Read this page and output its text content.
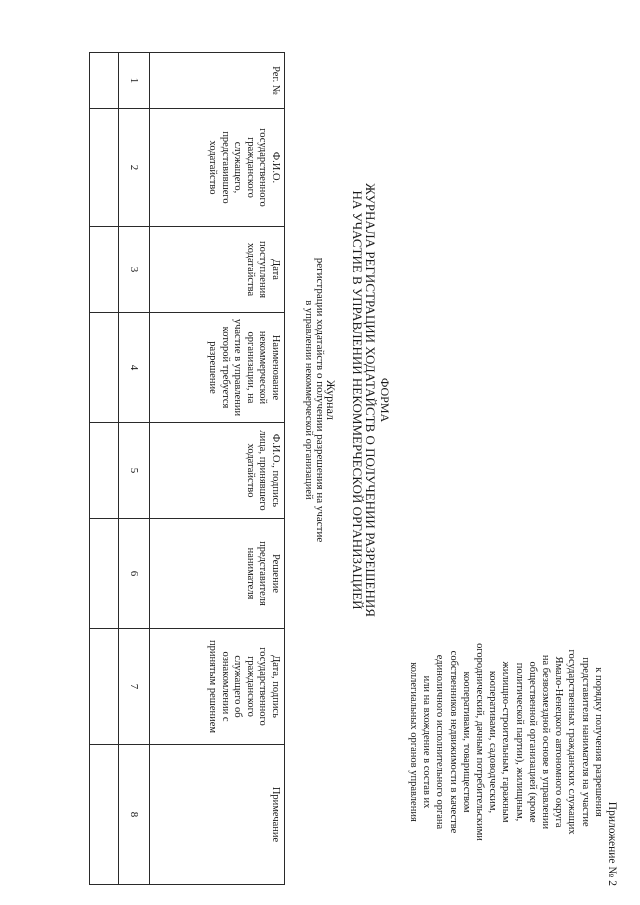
Приложение № 2
к порядку получения разрешения
представителя нанимателя на участие
государственных гражданских служащих
Ямало-Ненецкого автономного округа
на безвозмездной основе в управлении
общественной организацией (кроме
политической партии), жилищным,
жилищно-строительным, гаражным
кооперативами, садоводческим,
огороднический, дачным потребительскими
кооперативами, товариществом
собственников недвижимости в качестве
единоличного исполнительного органа
или на вхождение в состав их
коллегиальных органов управления
ФОРМА
ЖУРНАЛА РЕГИСТРАЦИИ ХОДАТАЙСТВ О ПОЛУЧЕНИИ РАЗРЕШЕНИЯ
НА УЧАСТИЕ В УПРАВЛЕНИИ НЕКОММЕРЧЕСКОЙ ОРГАНИЗАЦИЕЙ
Журнал
регистрации ходатайств о получении разрешения на участие
в управлении некоммерческой организацией
Рег. №	Ф.И.О. государственного гражданского служащего, представившего ходатайство	Дата поступления ходатайства	Наименование некоммерческой организации, на участие в управлении которой требуется разрешение	Ф.И.О., подпись лица, принявшего ходатайство	Решение представителя нанимателя	Дата, подпись государственного гражданского служащего об ознакомлении с принятым решением	Примечание
1	2	3	4	5	6	7	8
